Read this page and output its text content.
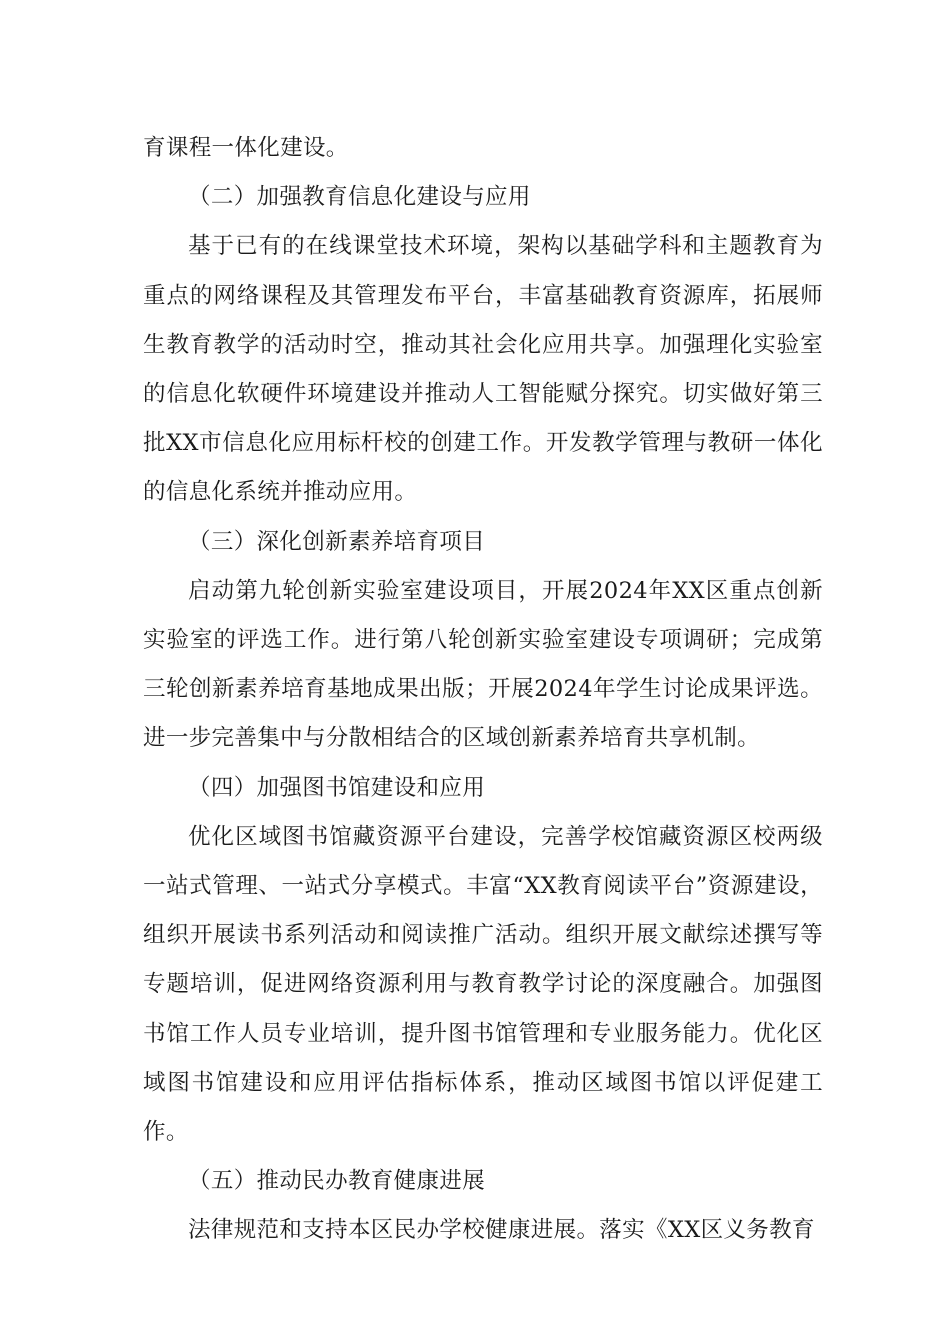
育课程一体化建设。

（二）加强教育信息化建设与应用

基于已有的在线课堂技术环境，架构以基础学科和主题教育为重点的网络课程及其管理发布平台，丰富基础教育资源库，拓展师生教育教学的活动时空，推动其社会化应用共享。加强理化实验室的信息化软硬件环境建设并推动人工智能赋分探究。切实做好第三批XX市信息化应用标杆校的创建工作。开发教学管理与教研一体化的信息化系统并推动应用。

（三）深化创新素养培育项目

启动第九轮创新实验室建设项目，开展2024年XX区重点创新实验室的评选工作。进行第八轮创新实验室建设专项调研；完成第三轮创新素养培育基地成果出版；开展2024年学生讨论成果评选。进一步完善集中与分散相结合的区域创新素养培育共享机制。

（四）加强图书馆建设和应用

优化区域图书馆藏资源平台建设，完善学校馆藏资源区校两级一站式管理、一站式分享模式。丰富“XX教育阅读平台”资源建设，组织开展读书系列活动和阅读推广活动。组织开展文献综述撰写等专题培训，促进网络资源利用与教育教学讨论的深度融合。加强图书馆工作人员专业培训，提升图书馆管理和专业服务能力。优化区域图书馆建设和应用评估指标体系，推动区域图书馆以评促建工作。

（五）推动民办教育健康进展

法律规范和支持本区民办学校健康进展。落实《XX区义务教育
